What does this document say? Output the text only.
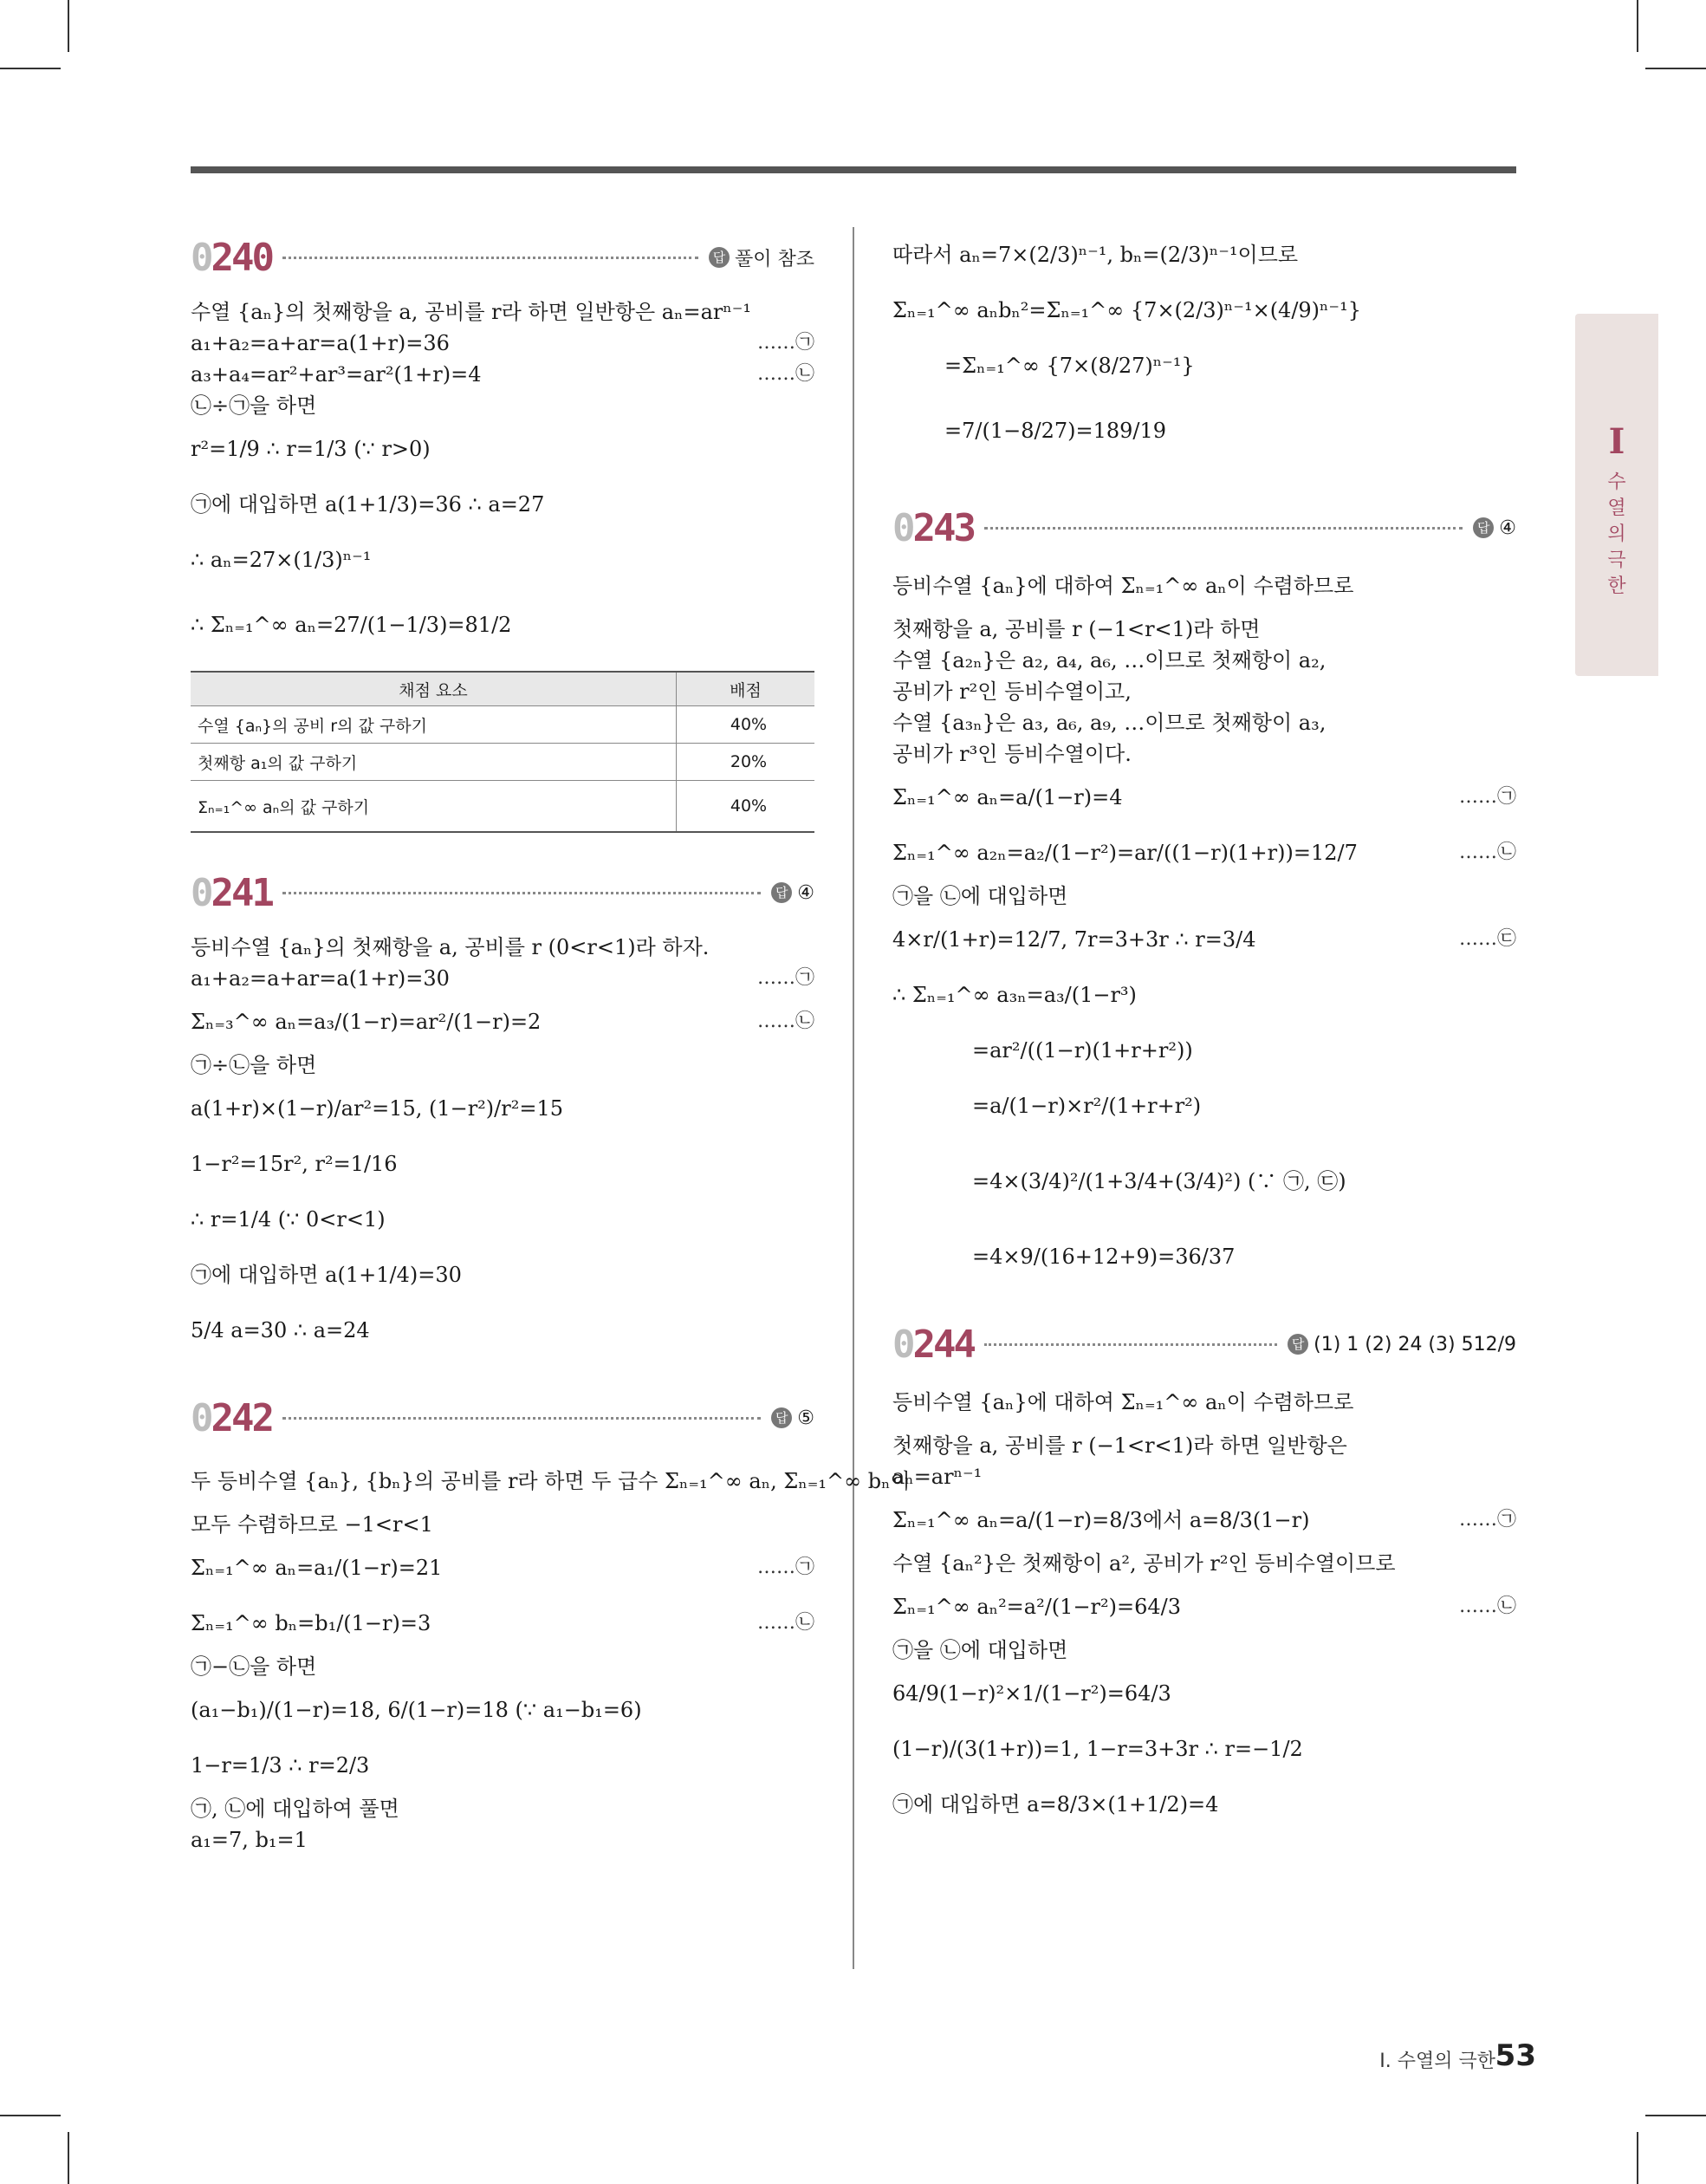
0240	답 풀이 참조
수열 {aₙ}의 첫째항을 a, 공비를 r라 하면 일반항은 aₙ=arⁿ⁻¹
a₁+a₂=a+ar=a(1+r)=36	……㉠
a₃+a₄=ar²+ar³=ar²(1+r)=4	……㉡
㉡÷㉠을 하면
r²=1/9 ∴ r=1/3 (∵ r>0)
㉠에 대입하면 a(1+1/3)=36 ∴ a=27
∴ aₙ=27×(1/3)ⁿ⁻¹
∴ Σₙ₌₁^∞ aₙ=27/(1−1/3)=81/2
채점 요소	배점
수열 {aₙ}의 공비 r의 값 구하기	40%
첫째항 a₁의 값 구하기	20%
Σₙ₌₁^∞ aₙ의 값 구하기	40%
0241	답 ④
등비수열 {aₙ}의 첫째항을 a, 공비를 r (0<r<1)라 하자.
a₁+a₂=a+ar=a(1+r)=30	……㉠
Σₙ₌₃^∞ aₙ=a₃/(1−r)=ar²/(1−r)=2	……㉡
㉠÷㉡을 하면
a(1+r)×(1−r)/ar²=15, (1−r²)/r²=15
1−r²=15r², r²=1/16
∴ r=1/4 (∵ 0<r<1)
㉠에 대입하면 a(1+1/4)=30
5/4 a=30 ∴ a=24
0242	답 ⑤
두 등비수열 {aₙ}, {bₙ}의 공비를 r라 하면 두 급수 Σₙ₌₁^∞ aₙ, Σₙ₌₁^∞ bₙ이
모두 수렴하므로 −1<r<1
Σₙ₌₁^∞ aₙ=a₁/(1−r)=21	……㉠
Σₙ₌₁^∞ bₙ=b₁/(1−r)=3	……㉡
㉠−㉡을 하면
(a₁−b₁)/(1−r)=18, 6/(1−r)=18 (∵ a₁−b₁=6)
1−r=1/3 ∴ r=2/3
㉠, ㉡에 대입하여 풀면
a₁=7, b₁=1
따라서 aₙ=7×(2/3)ⁿ⁻¹, bₙ=(2/3)ⁿ⁻¹이므로
Σₙ₌₁^∞ aₙbₙ²=Σₙ₌₁^∞ {7×(2/3)ⁿ⁻¹×(4/9)ⁿ⁻¹}
=Σₙ₌₁^∞ {7×(8/27)ⁿ⁻¹}
=7/(1−8/27)=189/19
0243	답 ④
등비수열 {aₙ}에 대하여 Σₙ₌₁^∞ aₙ이 수렴하므로
첫째항을 a, 공비를 r (−1<r<1)라 하면
수열 {a₂ₙ}은 a₂, a₄, a₆, …이므로 첫째항이 a₂,
공비가 r²인 등비수열이고,
수열 {a₃ₙ}은 a₃, a₆, a₉, …이므로 첫째항이 a₃,
공비가 r³인 등비수열이다.
Σₙ₌₁^∞ aₙ=a/(1−r)=4	……㉠
Σₙ₌₁^∞ a₂ₙ=a₂/(1−r²)=ar/((1−r)(1+r))=12/7	……㉡
㉠을 ㉡에 대입하면
4×r/(1+r)=12/7, 7r=3+3r ∴ r=3/4	……㉢
∴ Σₙ₌₁^∞ a₃ₙ=a₃/(1−r³)
=ar²/((1−r)(1+r+r²))
=a/(1−r)×r²/(1+r+r²)
=4×(3/4)²/(1+3/4+(3/4)²) (∵ ㉠, ㉢)
=4×9/(16+12+9)=36/37
0244	답 (1) 1 (2) 24 (3) 512/9
등비수열 {aₙ}에 대하여 Σₙ₌₁^∞ aₙ이 수렴하므로
첫째항을 a, 공비를 r (−1<r<1)라 하면 일반항은
aₙ=arⁿ⁻¹
Σₙ₌₁^∞ aₙ=a/(1−r)=8/3에서 a=8/3(1−r)	……㉠
수열 {aₙ²}은 첫째항이 a², 공비가 r²인 등비수열이므로
Σₙ₌₁^∞ aₙ²=a²/(1−r²)=64/3	……㉡
㉠을 ㉡에 대입하면
64/9(1−r)²×1/(1−r²)=64/3
(1−r)/(3(1+r))=1, 1−r=3+3r ∴ r=−1/2
㉠에 대입하면 a=8/3×(1+1/2)=4
I
수열의 극한
Ⅰ. 수열의 극한 53
